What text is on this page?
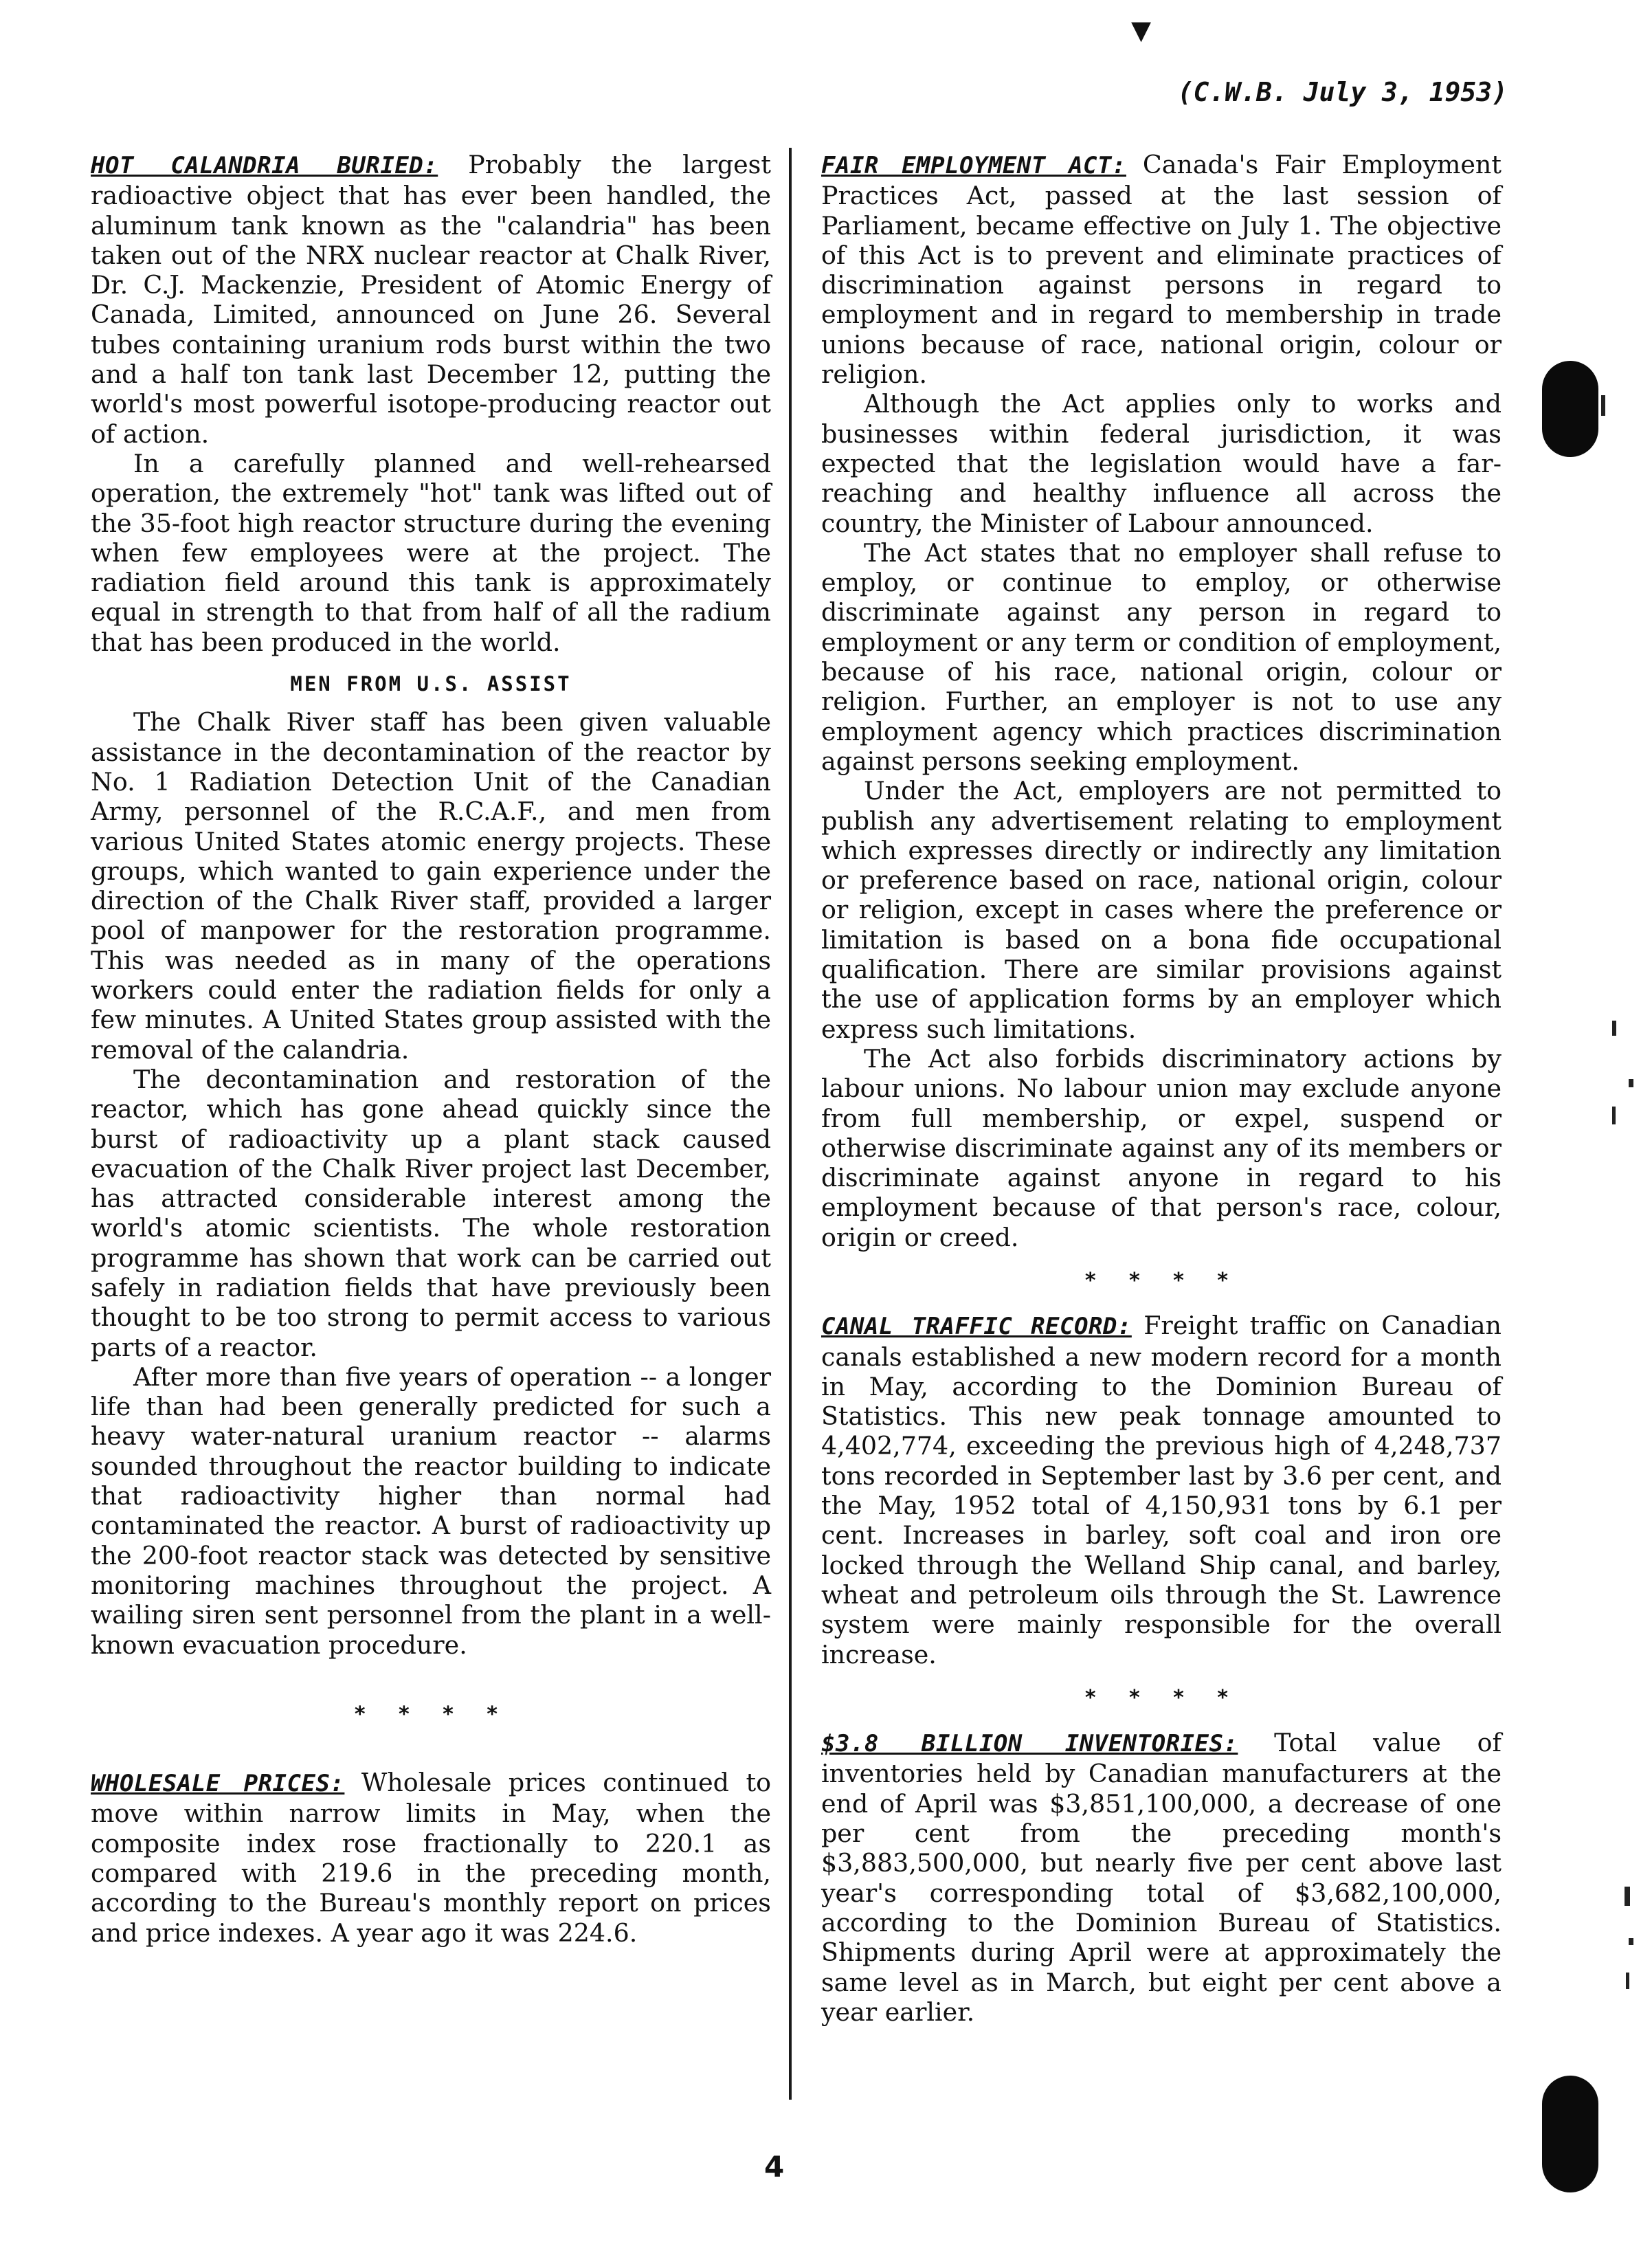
▾
(C.W.B. July 3, 1953)

HOT CALANDRIA BURIED: Probably the largest radioactive object that has ever been handled, the aluminum tank known as the "calandria" has been taken out of the NRX nuclear reactor at Chalk River, Dr. C.J. Mackenzie, President of Atomic Energy of Canada, Limited, announced on June 26. Several tubes containing uranium rods burst within the two and a half ton tank last December 12, putting the world's most powerful isotope-producing reactor out of action.

In a carefully planned and well-rehearsed operation, the extremely "hot" tank was lifted out of the 35-foot high reactor structure during the evening when few employees were at the project. The radiation field around this tank is approximately equal in strength to that from half of all the radium that has been produced in the world.

MEN FROM U.S. ASSIST

The Chalk River staff has been given valuable assistance in the decontamination of the reactor by No. 1 Radiation Detection Unit of the Canadian Army, personnel of the R.C.A.F., and men from various United States atomic energy projects. These groups, which wanted to gain experience under the direction of the Chalk River staff, provided a larger pool of manpower for the restoration programme. This was needed as in many of the operations workers could enter the radiation fields for only a few minutes. A United States group assisted with the removal of the calandria.

The decontamination and restoration of the reactor, which has gone ahead quickly since the burst of radioactivity up a plant stack caused evacuation of the Chalk River project last December, has attracted considerable interest among the world's atomic scientists. The whole restoration programme has shown that work can be carried out safely in radiation fields that have previously been thought to be too strong to permit access to various parts of a reactor.

After more than five years of operation -- a longer life than had been generally predicted for such a heavy water-natural uranium reactor -- alarms sounded throughout the reactor building to indicate that radioactivity higher than normal had contaminated the reactor. A burst of radioactivity up the 200-foot reactor stack was detected by sensitive monitoring machines throughout the project. A wailing siren sent personnel from the plant in a well-known evacuation procedure.

* * * *

WHOLESALE PRICES: Wholesale prices continued to move within narrow limits in May, when the composite index rose fractionally to 220.1 as compared with 219.6 in the preceding month, according to the Bureau's monthly report on prices and price indexes. A year ago it was 224.6.

FAIR EMPLOYMENT ACT: Canada's Fair Employment Practices Act, passed at the last session of Parliament, became effective on July 1. The objective of this Act is to prevent and eliminate practices of discrimination against persons in regard to employment and in regard to membership in trade unions because of race, national origin, colour or religion.

Although the Act applies only to works and businesses within federal jurisdiction, it was expected that the legislation would have a far-reaching and healthy influence all across the country, the Minister of Labour announced.

The Act states that no employer shall refuse to employ, or continue to employ, or otherwise discriminate against any person in regard to employment or any term or condition of employment, because of his race, national origin, colour or religion. Further, an employer is not to use any employment agency which practices discrimination against persons seeking employment.

Under the Act, employers are not permitted to publish any advertisement relating to employment which expresses directly or indirectly any limitation or preference based on race, national origin, colour or religion, except in cases where the preference or limitation is based on a bona fide occupational qualification. There are similar provisions against the use of application forms by an employer which express such limitations.

The Act also forbids discriminatory actions by labour unions. No labour union may exclude anyone from full membership, or expel, suspend or otherwise discriminate against any of its members or discriminate against anyone in regard to his employment because of that person's race, colour, origin or creed.

* * * *

CANAL TRAFFIC RECORD: Freight traffic on Canadian canals established a new modern record for a month in May, according to the Dominion Bureau of Statistics. This new peak tonnage amounted to 4,402,774, exceeding the previous high of 4,248,737 tons recorded in September last by 3.6 per cent, and the May, 1952 total of 4,150,931 tons by 6.1 per cent. Increases in barley, soft coal and iron ore locked through the Welland Ship canal, and barley, wheat and petroleum oils through the St. Lawrence system were mainly responsible for the overall increase.

* * * *

$3.8 BILLION INVENTORIES: Total value of inventories held by Canadian manufacturers at the end of April was $3,851,100,000, a decrease of one per cent from the preceding month's $3,883,500,000, but nearly five per cent above last year's corresponding total of $3,682,100,000, according to the Dominion Bureau of Statistics. Shipments during April were at approximately the same level as in March, but eight per cent above a year earlier.

4
